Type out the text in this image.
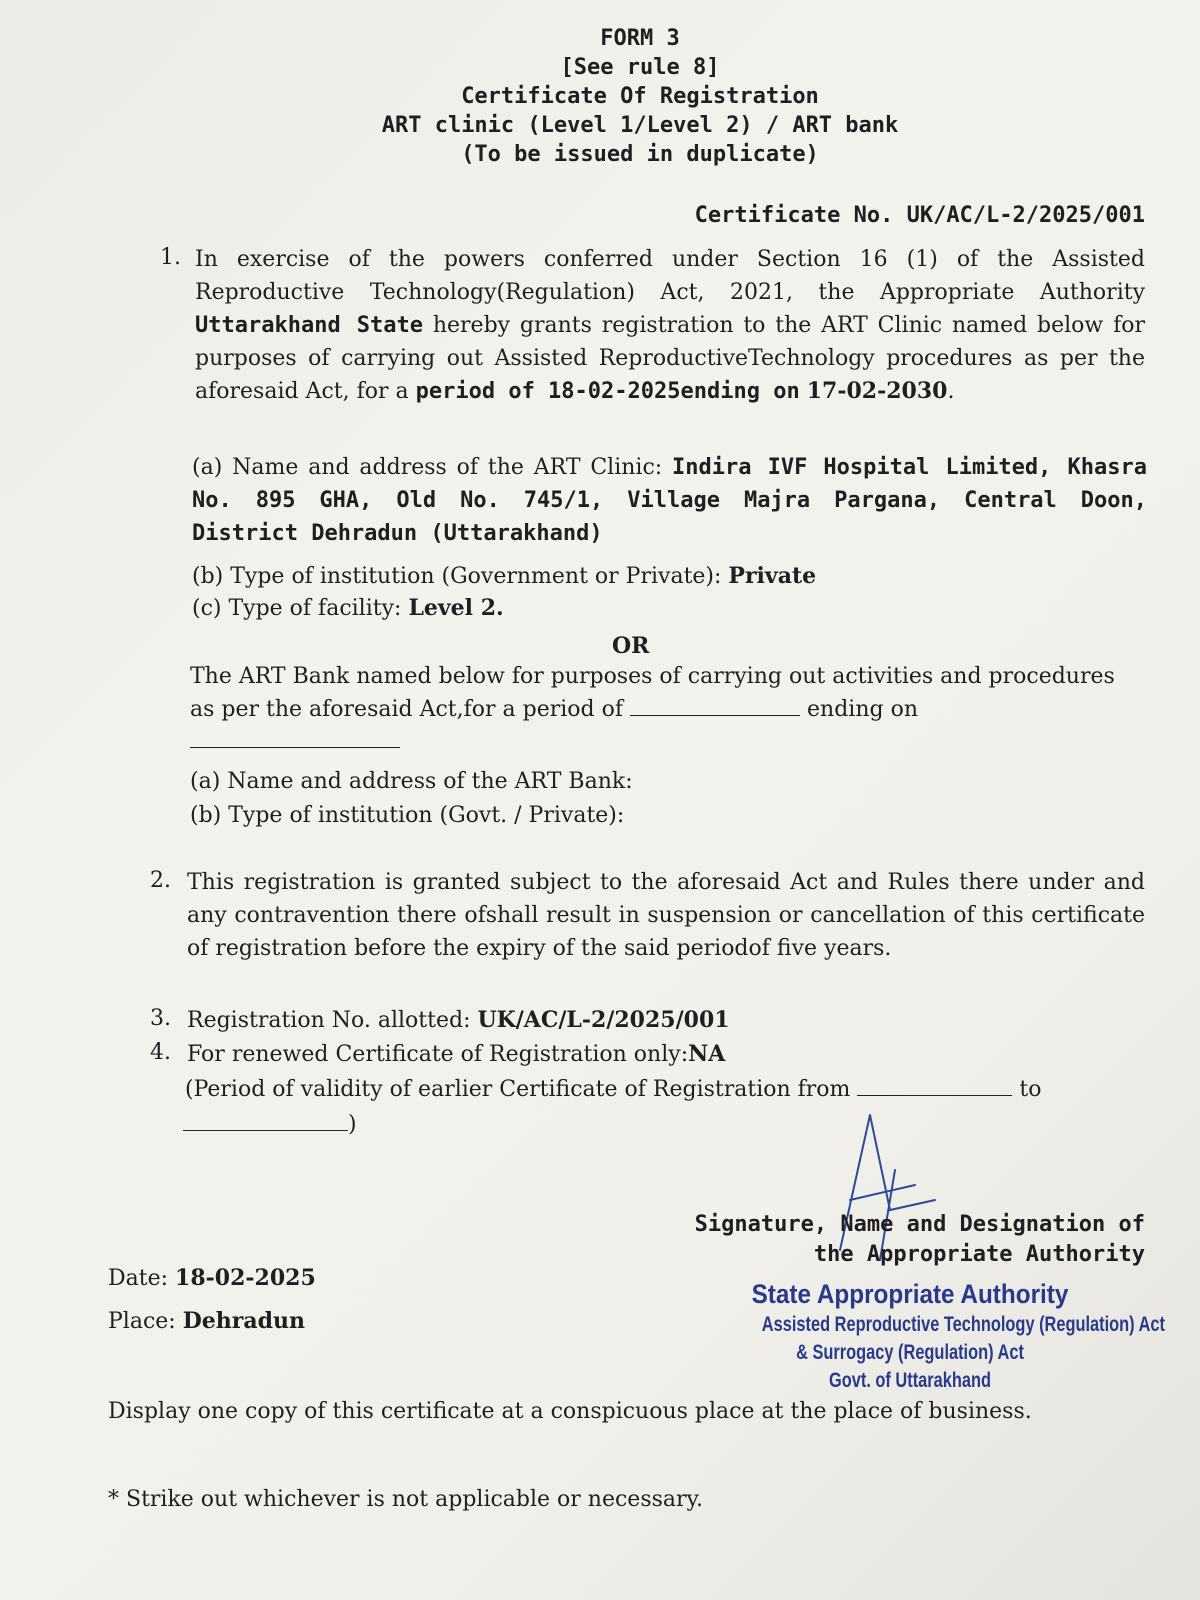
FORM 3
[See rule 8]
Certificate Of Registration
ART clinic (Level 1/Level 2) / ART bank
(To be issued in duplicate)
Certificate No. UK/AC/L-2/2025/001
1. In exercise of the powers conferred under Section 16 (1) of the Assisted Reproductive Technology(Regulation) Act, 2021, the Appropriate Authority Uttarakhand State hereby grants registration to the ART Clinic named below for purposes of carrying out Assisted ReproductiveTechnology procedures as per the aforesaid Act, for a period of 18-02-2025ending on 17-02-2030.
(a) Name and address of the ART Clinic: Indira IVF Hospital Limited, Khasra No. 895 GHA, Old No. 745/1, Village Majra Pargana, Central Doon, District Dehradun (Uttarakhand)
(b) Type of institution (Government or Private): Private
(c) Type of facility: Level 2.
OR
The ART Bank named below for purposes of carrying out activities and procedures as per the aforesaid Act,for a period of	ending on
(a) Name and address of the ART Bank:
(b) Type of institution (Govt. / Private):
2. This registration is granted subject to the aforesaid Act and Rules there under and any contravention there ofshall result in suspension or cancellation of this certificate of registration before the expiry of the said periodof five years.
3. Registration No. allotted: UK/AC/L-2/2025/001
4. For renewed Certificate of Registration only:NA
(Period of validity of earlier Certificate of Registration from	to
)
Signature, Name and Designation of
the Appropriate Authority
State Appropriate Authority
Assisted Reproductive Technology (Regulation) Act
& Surrogacy (Regulation) Act
Govt. of Uttarakhand
Date: 18-02-2025
Place: Dehradun
Display one copy of this certificate at a conspicuous place at the place of business.
* Strike out whichever is not applicable or necessary.
